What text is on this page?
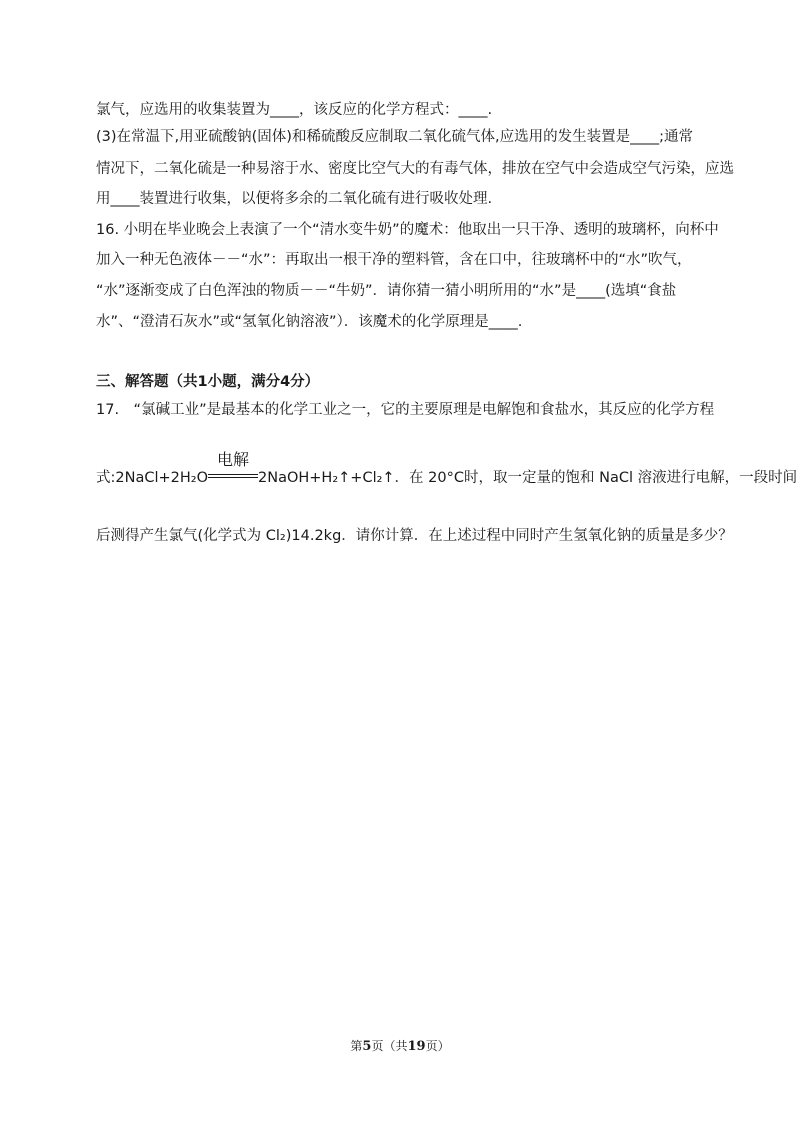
氯气，应选用的收集装置为____，该反应的化学方程式：____.
(3)在常温下,用亚硫酸钠(固体)和稀硫酸反应制取二氧化硫气体,应选用的发生装置是____;通常
情况下，二氧化硫是一种易溶于水、密度比空气大的有毒气体，排放在空气中会造成空气污染，应选
用____装置进行收集，以便将多余的二氧化硫有进行吸收处理.
16. 小明在毕业晚会上表演了一个“清水变牛奶”的魔术：他取出一只干净、透明的玻璃杯，向杯中
加入一种无色液体－－“水”：再取出一根干净的塑料管，含在口中，往玻璃杯中的“水”吹气，
“水”逐渐变成了白色浑浊的物质－－“牛奶”．请你猜一猜小明所用的“水”是____(选填“食盐
水”、“澄清石灰水”或“氢氧化钠溶液”）．该魔术的化学原理是____.
三、解答题（共1小题，满分4分）
17.　“氯碱工业”是最基本的化学工业之一，它的主要原理是电解饱和食盐水，其反应的化学方程
式:2NaCl+2H₂O
电解
2NaOH+H₂↑+Cl₂↑．在 20°C时，取一定量的饱和 NaCl 溶液进行电解，一段时间
后测得产生氯气(化学式为 Cl₂)14.2kg．请你计算．在上述过程中同时产生氢氧化钠的质量是多少？
第5页（共19页）
